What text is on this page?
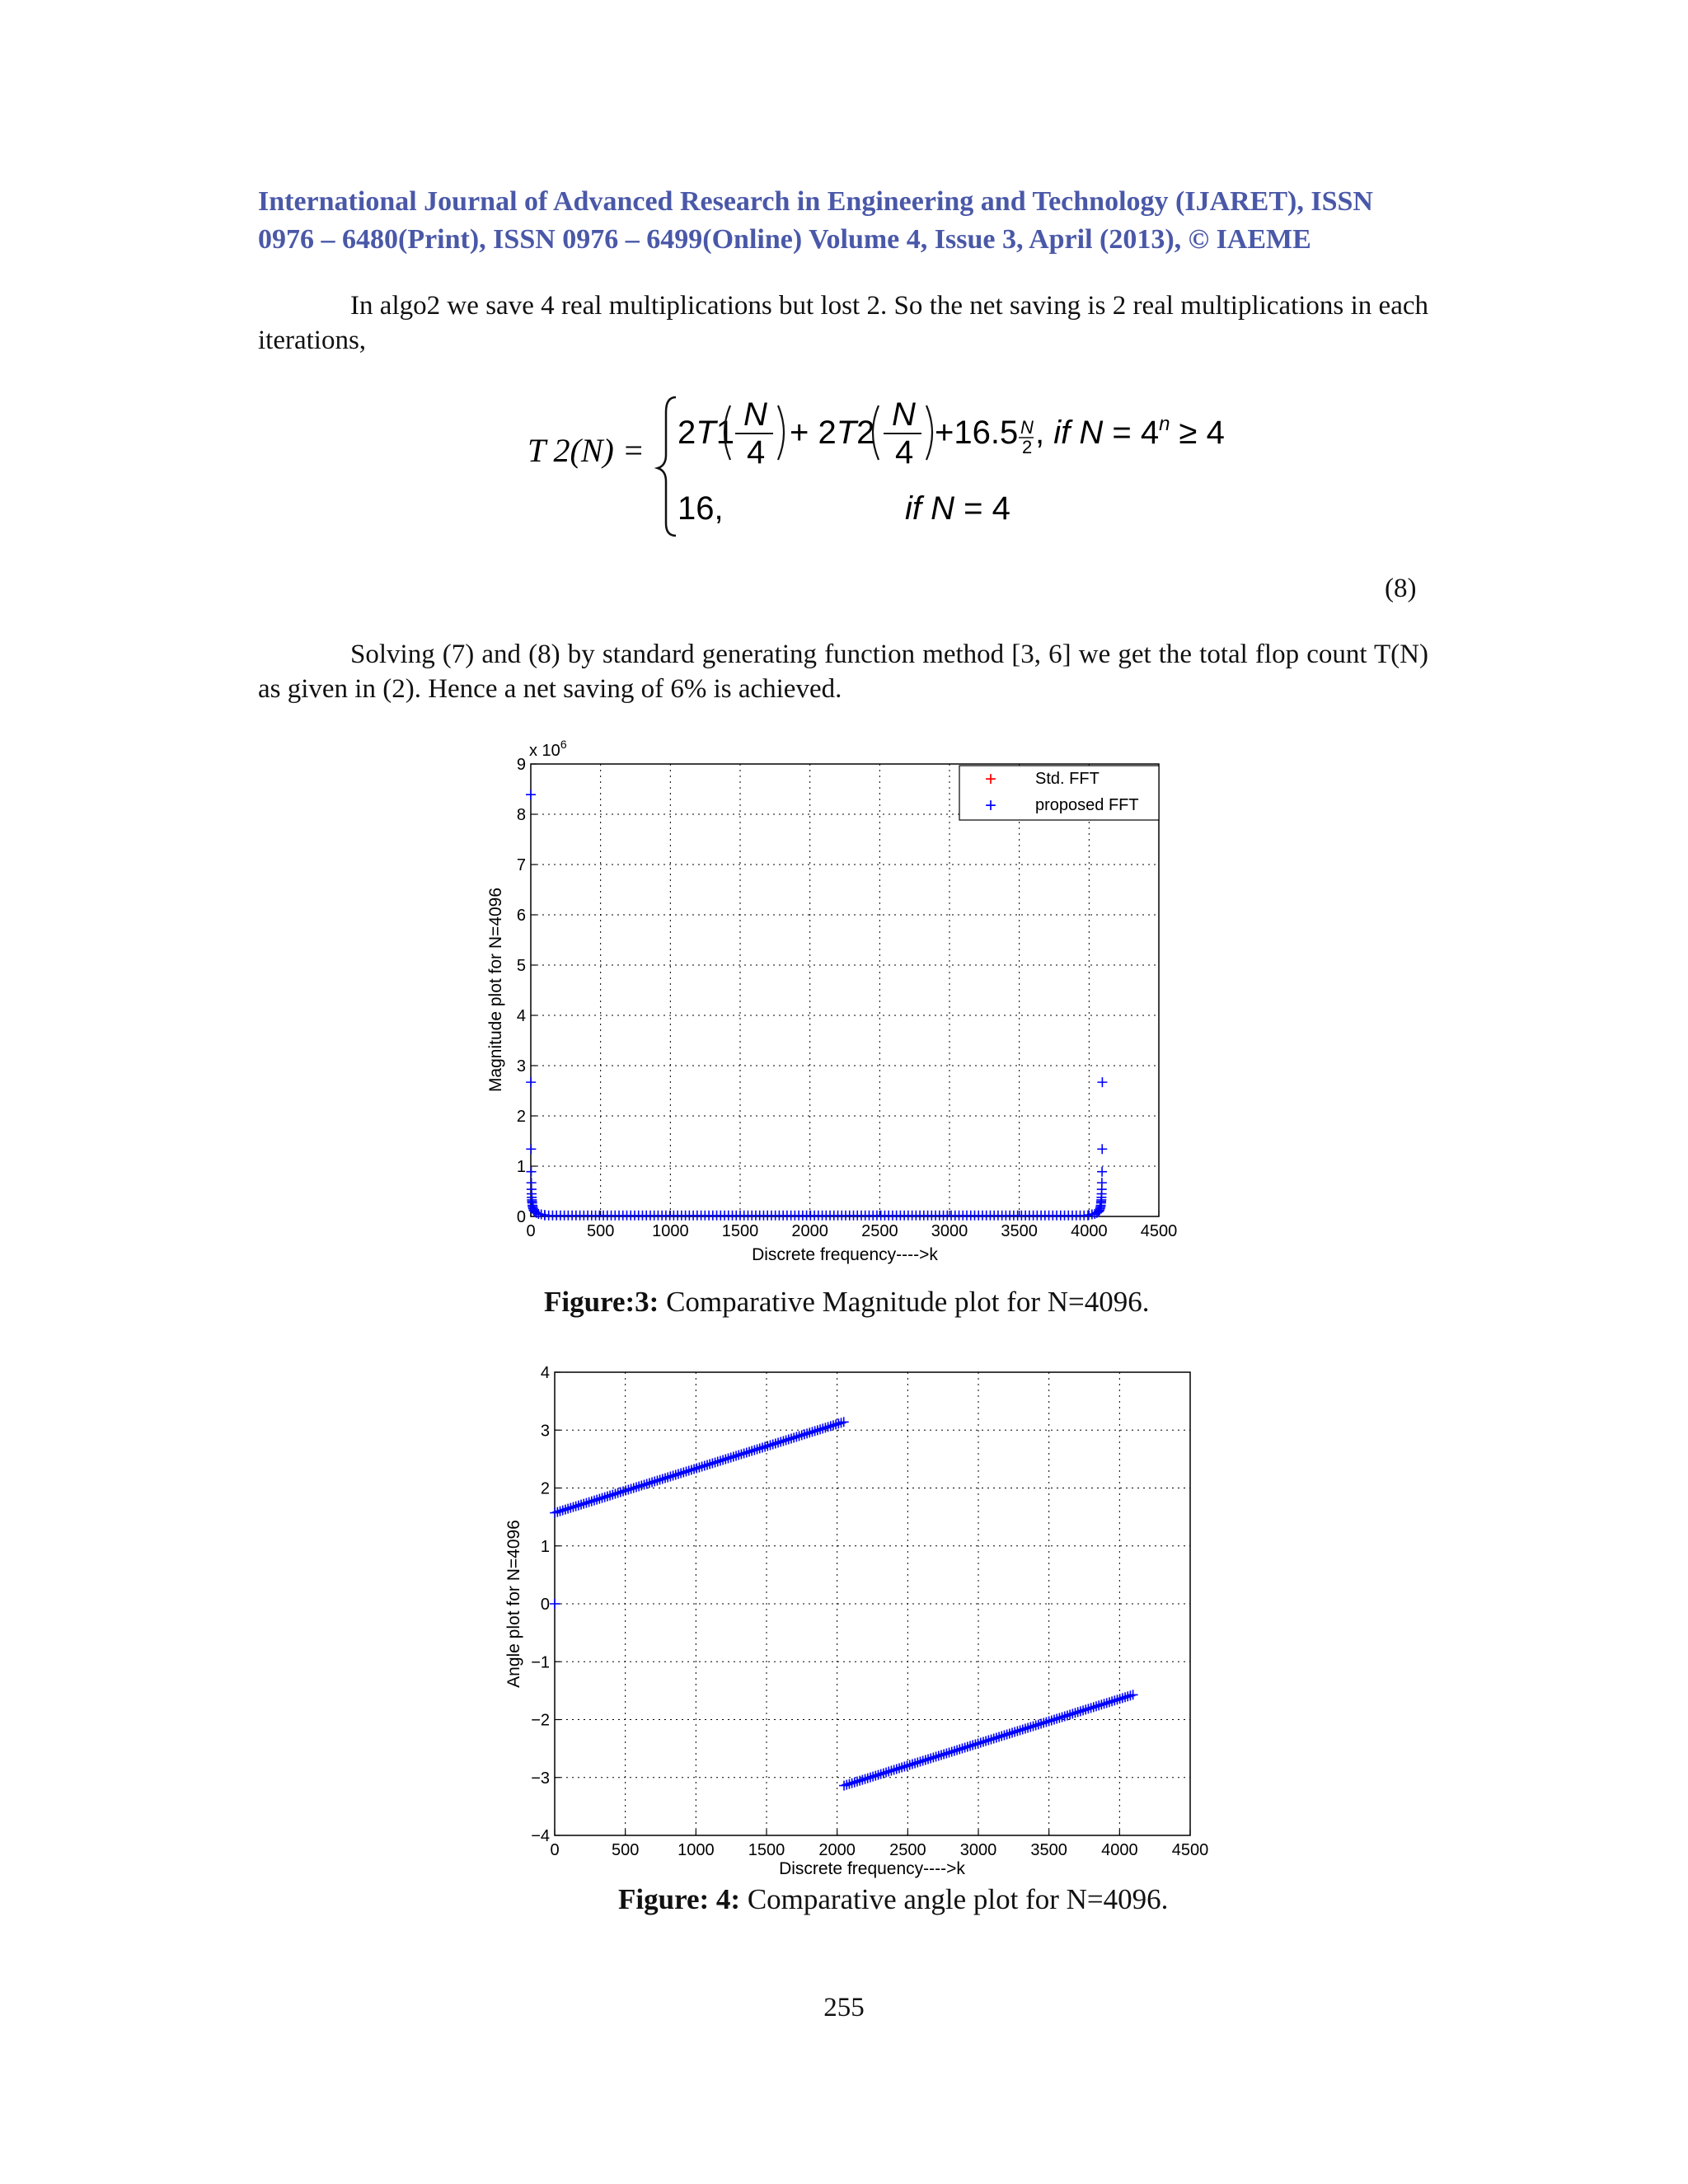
International Journal of Advanced Research in Engineering and Technology (IJARET), ISSN
0976 – 6480(Print), ISSN 0976 – 6499(Online) Volume 4, Issue 3, April (2013), © IAEME
In algo2 we save 4 real multiplications but lost 2. So the net saving is 2 real multiplications in each iterations,
T 2(N) = 2T1 N
4
+ 2T2 N
4
+16.5 N
2 , if $N = 4^n \ge 4$
16,	if N = 4
(8)
Solving (7) and (8) by standard generating function method [3, 6] we get the total flop count T(N) as given in (2). Hence a net saving of 6% is achieved.
0	500 1000 1500 2000 2500 3000 3500 4000 4500
0
1
2
3
4
5
6
7
8
9
x $10^6$
Discrete frequency---->k
Magnitude plot for N=4096
+ Std. FFT
+ proposed FFT
Figure:3: Comparative Magnitude plot for N=4096.
0	500 1000 1500 2000 2500 3000 3500 4000 4500
−4
−3
−2
−1
0
1
2
3
4
Discrete frequency---->k
Angle plot for N=4096
Figure: 4: Comparative angle plot for N=4096.
255
